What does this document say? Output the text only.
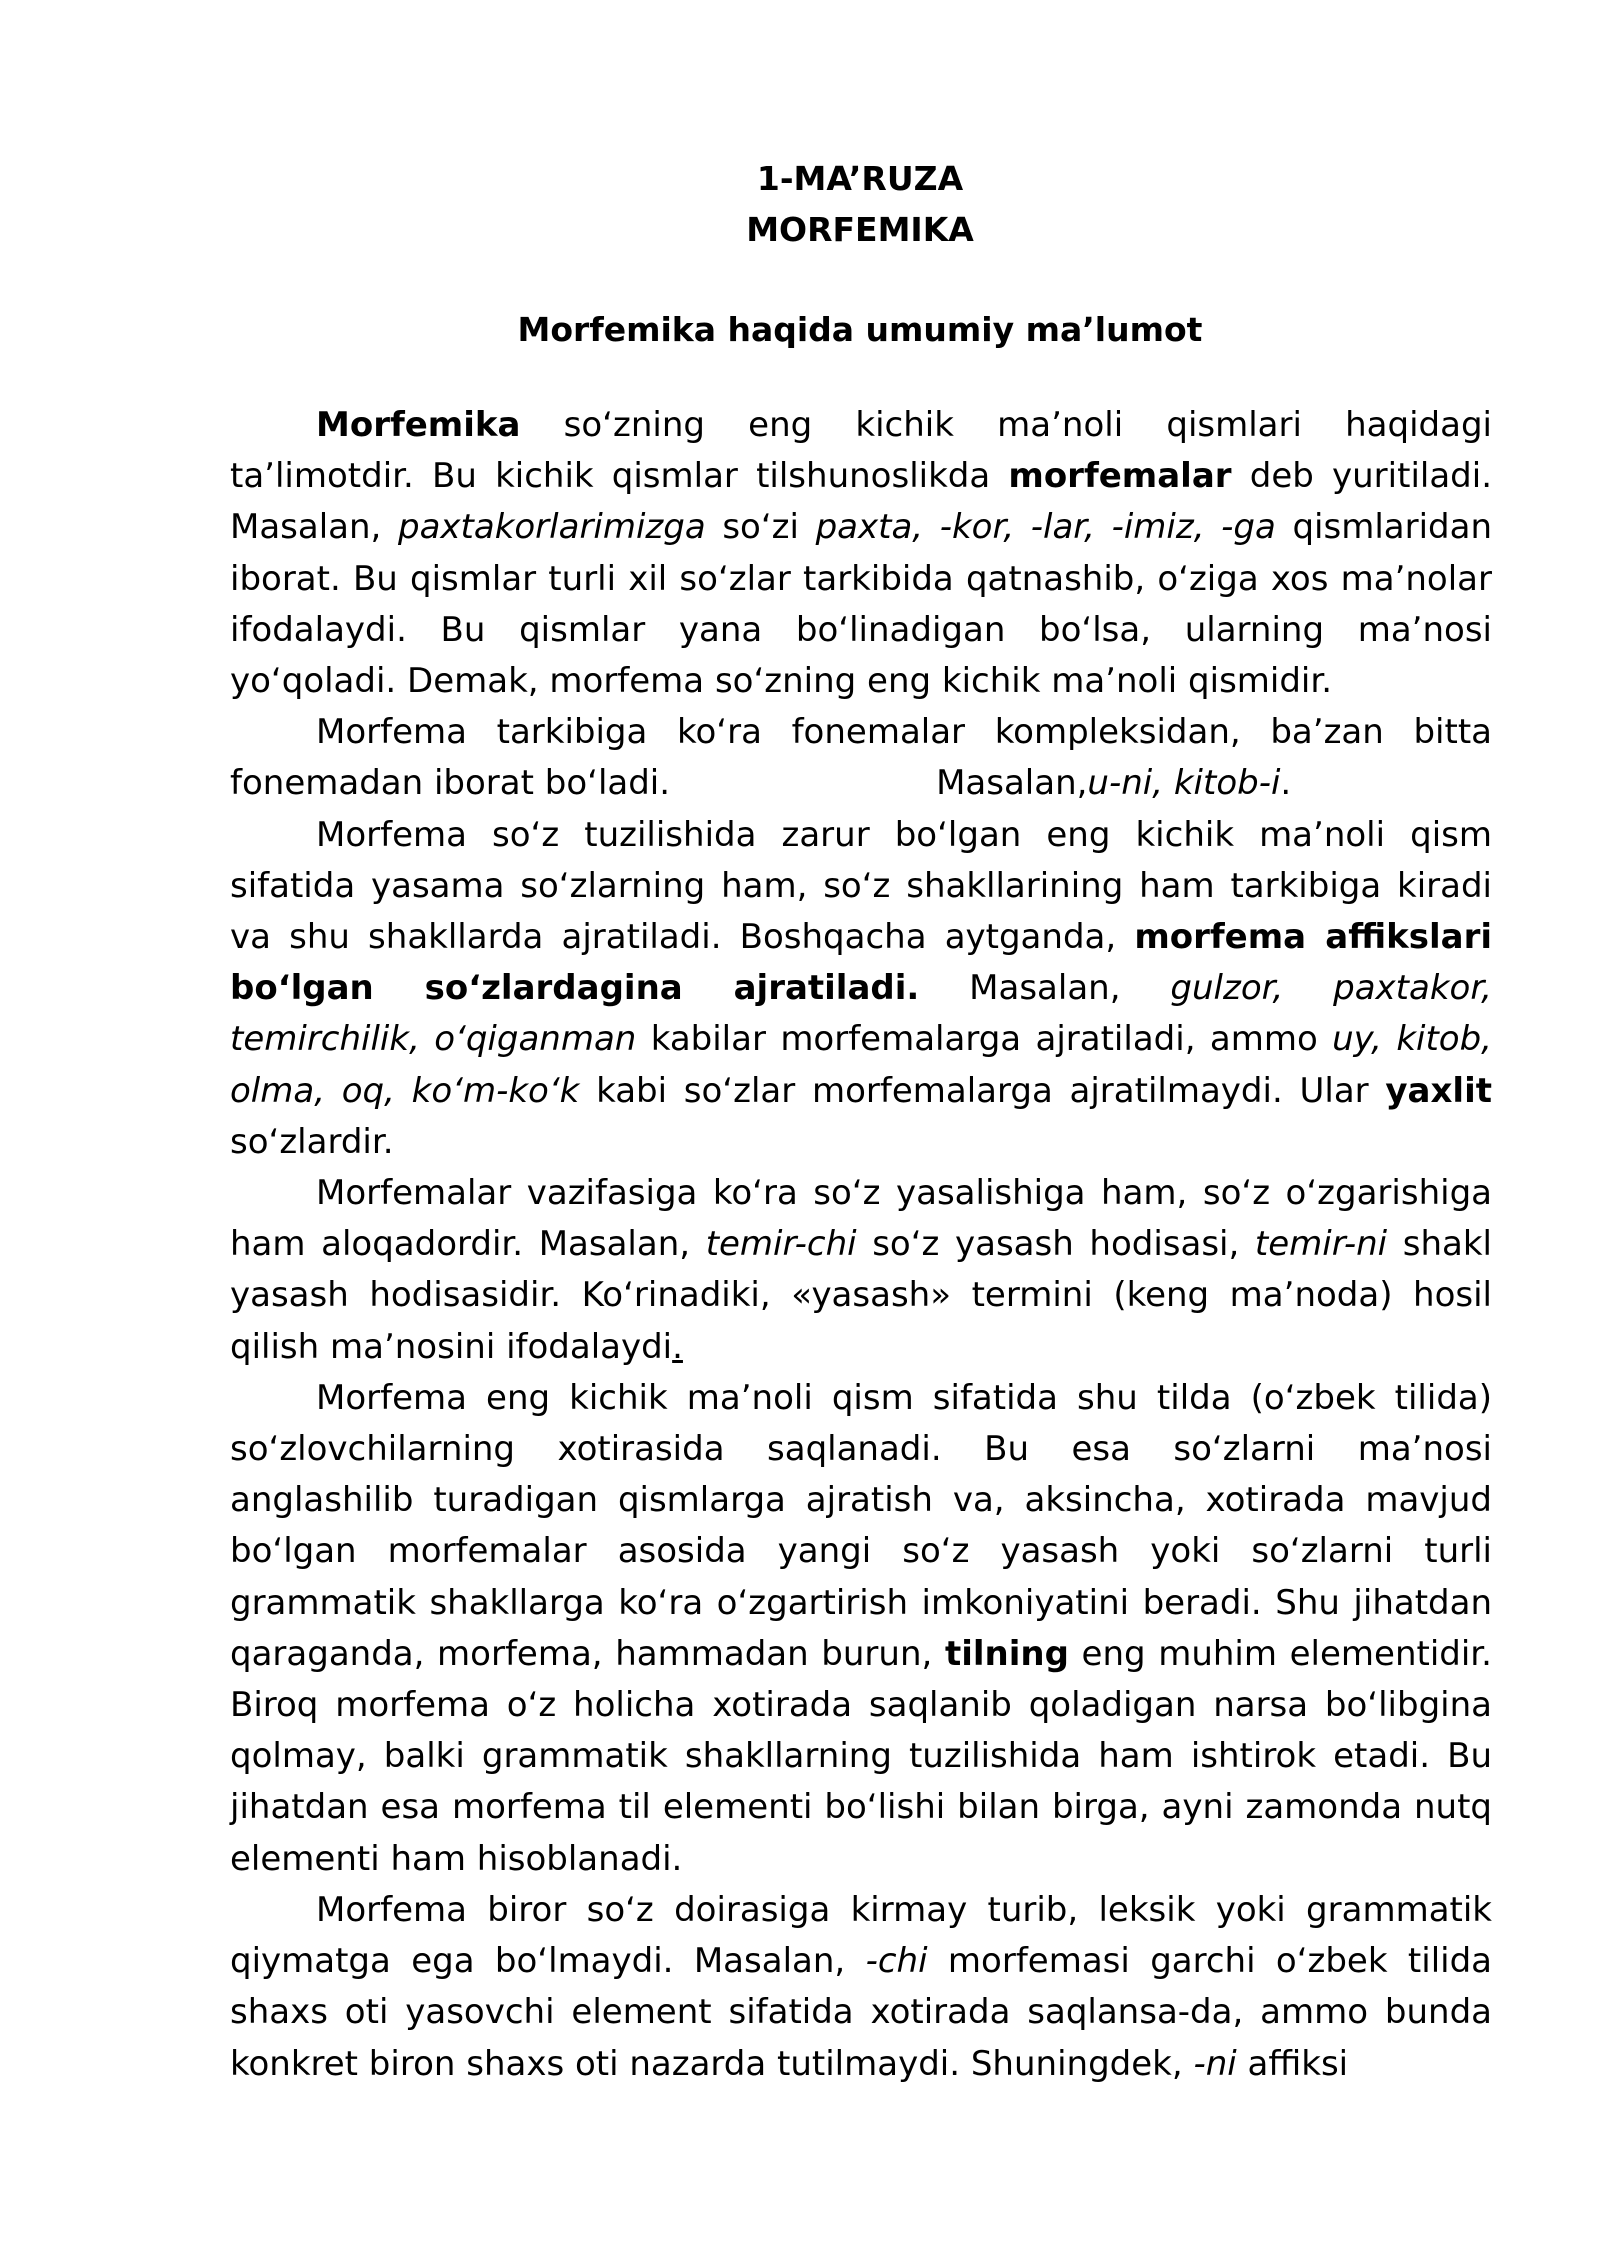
1-MA’RUZA
MORFEMIKA
Morfemika haqida umumiy ma’lumot

Morfemika so‘zning eng kichik ma’noli qismlari haqidagi ta’limotdir. Bu kichik qismlar tilshunoslikda morfemalar deb yuritiladi. Masalan, paxtakorlarimizga so‘zi paxta, -kor, -lar, -imiz, -ga qismlaridan iborat. Bu qismlar turli xil so‘zlar tarkibida qatnashib, o‘ziga xos ma’nolar ifodalaydi. Bu qismlar yana bo‘linadigan bo‘lsa, ularning ma’nosi yo‘qoladi. Demak, morfema so‘zning eng kichik ma’noli qismidir.

Morfema tarkibiga ko‘ra fonemalar kompleksidan, ba’zan bitta fonemadan iborat bo‘ladi.	Masalan,u-ni, kitob-i.

Morfema so‘z tuzilishida zarur bo‘lgan eng kichik ma’noli qism sifatida yasama so‘zlarning ham, so‘z shakllarining ham tarkibiga kiradi va shu shakllarda ajratiladi. Boshqacha aytganda, morfema affikslari bo‘lgan so‘zlardagina ajratiladi. Masalan, gulzor, paxtakor, temirchilik, o‘qiganman kabilar morfemalarga ajratiladi, ammo uy, kitob, olma, oq, ko‘m-ko‘k kabi so‘zlar morfemalarga ajratilmaydi. Ular yaxlit so‘zlardir.

Morfemalar vazifasiga ko‘ra so‘z yasalishiga ham, so‘z o‘zgarishiga ham aloqadordir. Masalan, temir-chi so‘z yasash hodisasi, temir-ni shakl yasash hodisasidir. Ko‘rinadiki, «yasash» termini (keng ma’noda) hosil qilish ma’nosini ifodalaydi.

Morfema eng kichik ma’noli qism sifatida shu tilda (o‘zbek tilida) so‘zlovchilarning xotirasida saqlanadi. Bu esa so‘zlarni ma’nosi anglashilib turadigan qismlarga ajratish va, aksincha, xotirada mavjud bo‘lgan morfemalar asosida yangi so‘z yasash yoki so‘zlarni turli grammatik shakllarga ko‘ra o‘zgartirish imkoniyatini beradi. Shu jihatdan qaraganda, morfema, hammadan burun, tilning eng muhim elementidir. Biroq morfema o‘z holicha xotirada saqlanib qoladigan narsa bo‘libgina qolmay, balki grammatik shakllarning tuzilishida ham ishtirok etadi. Bu jihatdan esa morfema til elementi bo‘lishi bilan birga, ayni zamonda nutq elementi ham hisoblanadi.

Morfema biror so‘z doirasiga kirmay turib, leksik yoki grammatik qiymatga ega bo‘lmaydi. Masalan, -chi morfemasi garchi o‘zbek tilida shaxs oti yasovchi element sifatida xotirada saqlansa-da, ammo bunda konkret biron shaxs oti nazarda tutilmaydi. Shuningdek, -ni affiksi
